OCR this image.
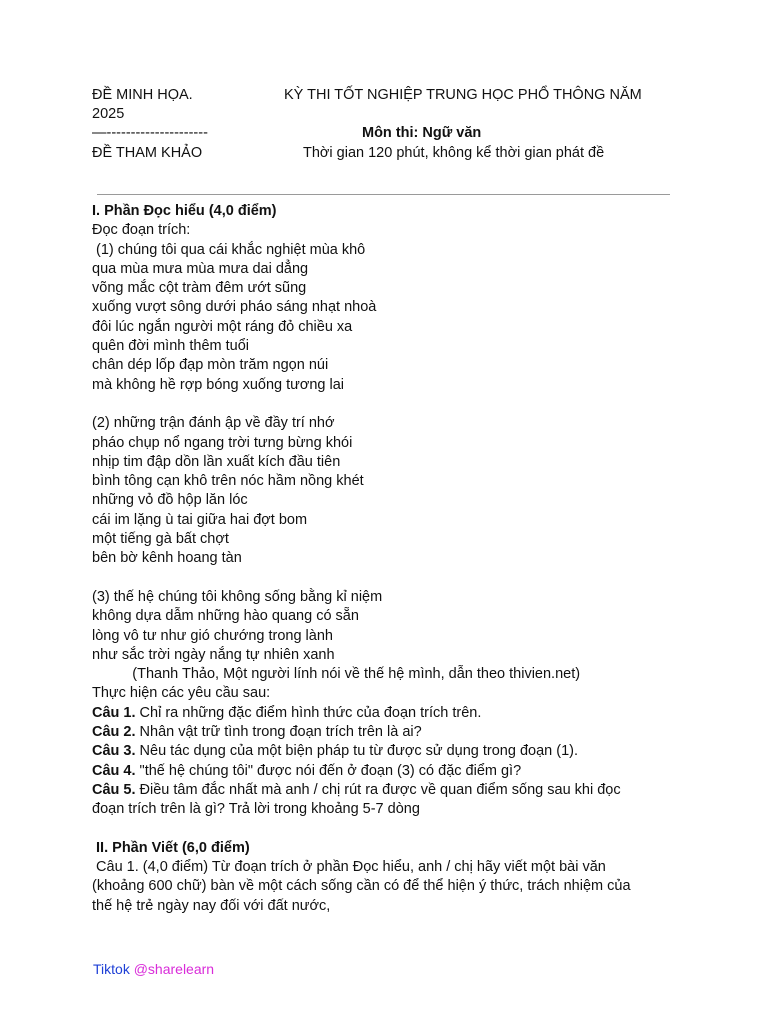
ĐỀ MINH HỌA.	KỲ THI TỐT NGHIỆP TRUNG HỌC PHỔ THÔNG NĂM
2025
—---------------------	Môn thi: Ngữ văn
ĐỀ THAM KHẢO	Thời gian 120 phút, không kể thời gian phát đề
I. Phần Đọc hiểu (4,0 điểm)
Đọc đoạn trích:
(1) chúng tôi qua cái khắc nghiệt mùa khô
qua mùa mưa mùa mưa dai dẳng
võng mắc cột tràm đêm ướt sũng
xuống vượt sông dưới pháo sáng nhạt nhoà
đôi lúc ngắn người một ráng đỏ chiều xa
quên đời mình thêm tuổi
chân dép lốp đạp mòn trăm ngọn núi
mà không hề rợp bóng xuống tương lai
(2) những trận đánh ập về đầy trí nhớ
pháo chụp nổ ngang trời tưng bừng khói
nhịp tim đập dồn lần xuất kích đầu tiên
bình tông cạn khô trên nóc hầm nồng khét
những vỏ đồ hộp lăn lóc
cái im lặng ù tai giữa hai đợt bom
một tiếng gà bất chợt
bên bờ kênh hoang tàn
(3) thế hệ chúng tôi không sống bằng kỉ niệm
không dựa dẫm những hào quang có sẵn
lòng vô tư như gió chướng trong lành
như sắc trời ngày nắng tự nhiên xanh
(Thanh Thảo, Một người lính nói về thế hệ mình, dẫn theo thivien.net)
Thực hiện các yêu cầu sau:
Câu 1. Chỉ ra những đặc điểm hình thức của đoạn trích trên.
Câu 2. Nhân vật trữ tình trong đoạn trích trên là ai?
Câu 3. Nêu tác dụng của một biện pháp tu từ được sử dụng trong đoạn (1).
Câu 4. "thế hệ chúng tôi" được nói đến ở đoạn (3) có đặc điểm gì?
Câu 5. Điều tâm đắc nhất mà anh / chị rút ra được về quan điểm sống sau khi đọc
đoạn trích trên là gì? Trả lời trong khoảng 5-7 dòng
II. Phần Viết (6,0 điểm)
Câu 1. (4,0 điểm) Từ đoạn trích ở phần Đọc hiểu, anh / chị hãy viết một bài văn
(khoảng 600 chữ) bàn về một cách sống cần có để thể hiện ý thức, trách nhiệm của
thế hệ trẻ ngày nay đối với đất nước,
Tiktok @sharelearn
